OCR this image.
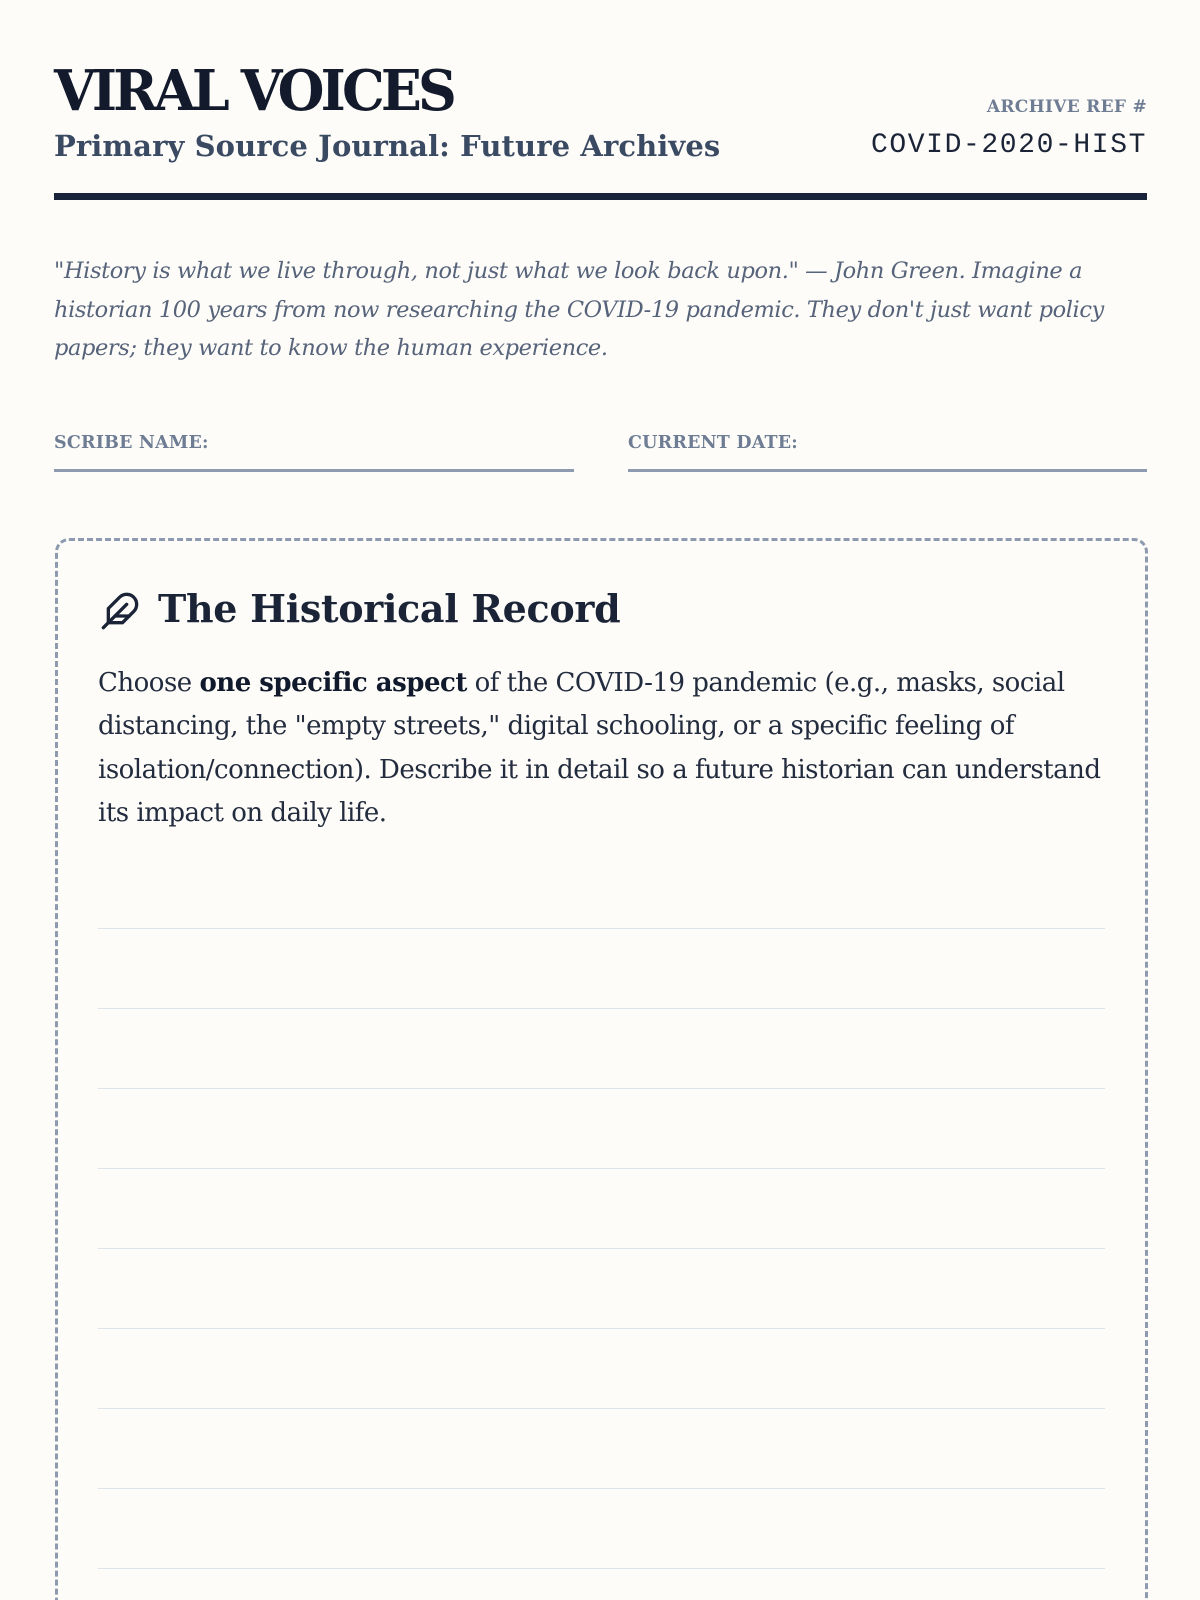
VIRAL VOICES
Primary Source Journal: Future Archives
ARCHIVE REF #
COVID-2020-HIST

"History is what we live through, not just what we look back upon." — John Green. Imagine a historian 100 years from now researching the COVID-19 pandemic. They don't just want policy papers; they want to know the human experience.

SCRIBE NAME:	CURRENT DATE:
The Historical Record

Choose one specific aspect of the COVID-19 pandemic (e.g., masks, social distancing, the "empty streets," digital schooling, or a specific feeling of isolation/connection). Describe it in detail so a future historian can understand its impact on daily life.
